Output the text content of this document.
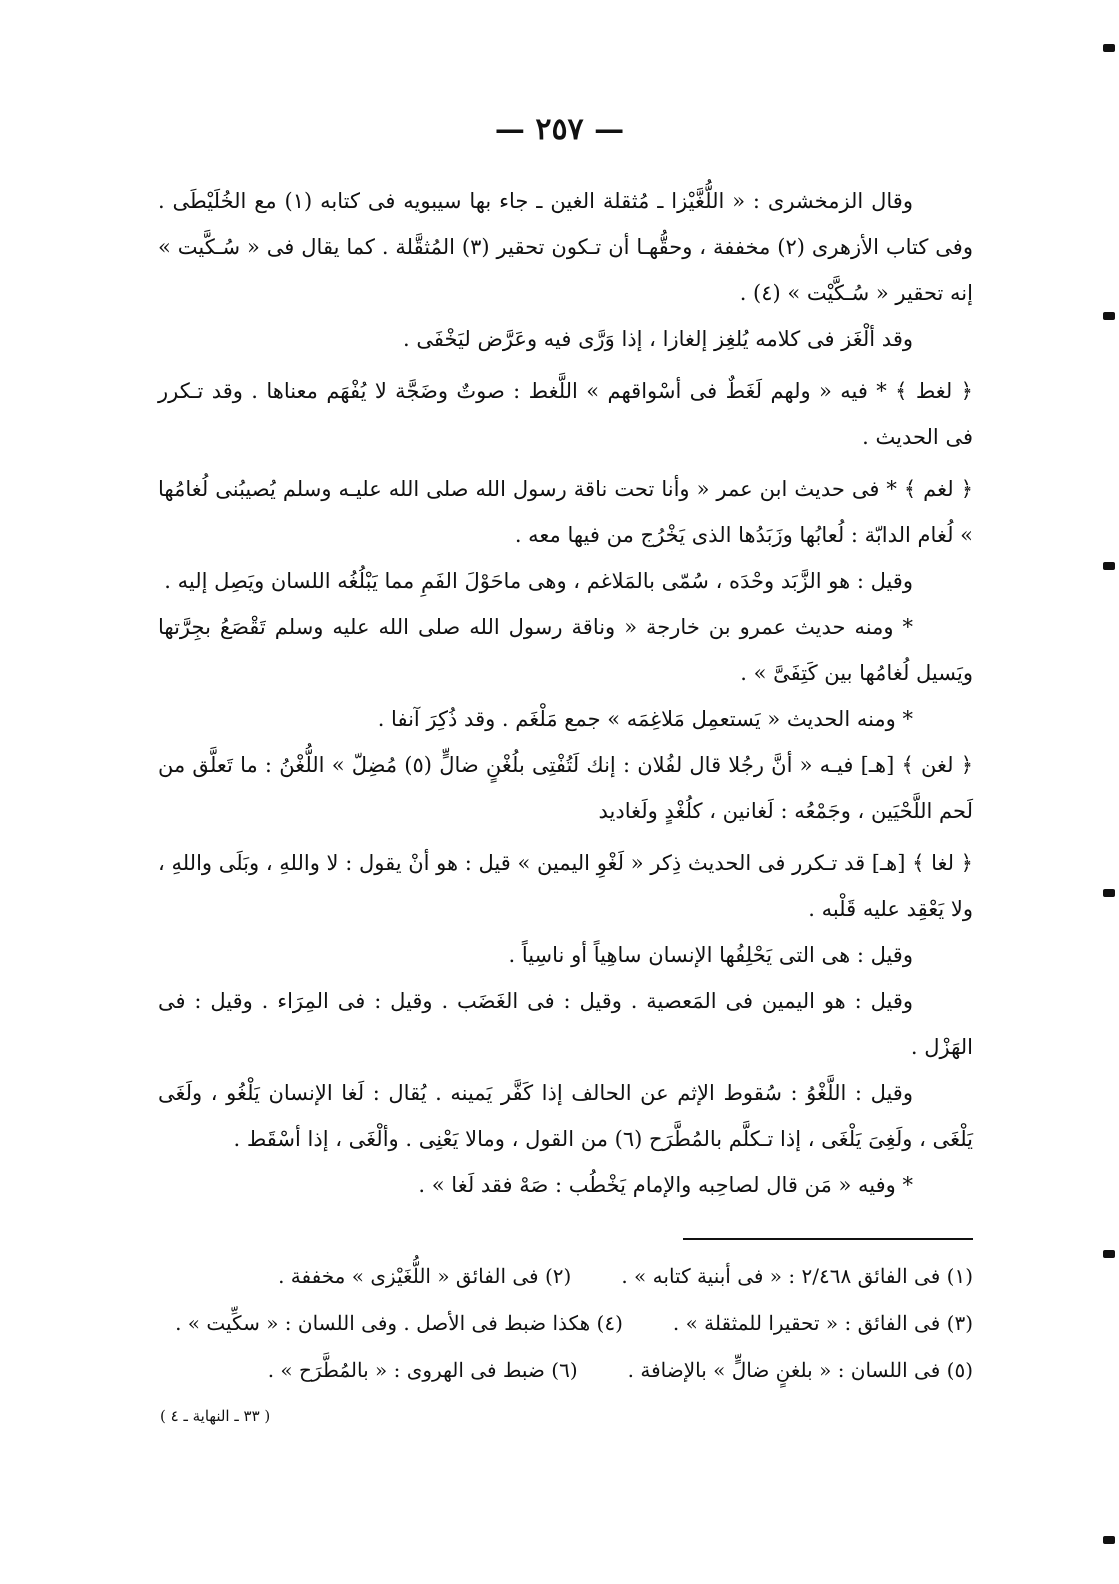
— ٢٥٧ —

وقال الزمخشرى : « اللُّغَّيْزا ـ مُثقلة الغين ـ جاء بها سيبويه فى كتابه (١) مع الخُلَيْطَى . وفى كتاب الأزهرى (٢) مخففة ، وحقُّهـا أن تـكون تحقير (٣) المُثقَّلة . كما يقال فى « سُـكَّيت » إنه تحقير « سُـكَّيْت » (٤) .

وقد ألْغَز فى كلامه يُلغِز إلغازا ، إذا وَرَّى فيه وعَرَّض ليَخْفَى .

﴿ لغط ﴾ * فيه « ولهم لَغَطٌ فى أسْواقهم » اللَّغط : صوتٌ وضَجَّة لا يُفْهَم معناها . وقد تـكرر فى الحديث .

﴿ لغم ﴾ * فى حديث ابن عمر « وأنا تحت ناقة رسول الله صلى الله عليـه وسلم يُصيبُنى لُغامُها » لُغام الدابّة : لُعابُها وزَبَدُها الذى يَخْرُج من فيها معه .

وقيل : هو الزَّبَد وحْدَه ، سُمّى بالمَلاغم ، وهى ماحَوْلَ الفَمِ مما يَبْلُغُه اللسان ويَصِل إليه .

* ومنه حديث عمرو بن خارجة « وناقة رسول الله صلى الله عليه وسلم تَقْصَعُ بجِرَّتها ويَسيل لُغامُها بين كَتِفَىَّ » .

* ومنه الحديث « يَستعمِل مَلاغِمَه » جمع مَلْغَم . وقد ذُكِرَ آنفا .

﴿ لغن ﴾ [هـ] فيـه « أنَّ رجُلا قال لفُلان : إنك لَتُفْتِى بلُغْنٍ ضالٍّ (٥) مُضِلّ » اللُّغْنُ : ما تَعلَّق من لَحم اللَّحْيَين ، وجَمْعُه : لَغانين ، كلُغْدٍ ولَغاديد

﴿ لغا ﴾ [هـ] قد تـكرر فى الحديث ذِكر « لَغْوِ اليمين » قيل : هو أنْ يقول : لا واللهِ ، وبَلَى واللهِ ، ولا يَعْقِد عليه قَلْبه .

وقيل : هى التى يَحْلِفُها الإنسان ساهِياً أو ناسِياً .

وقيل : هو اليمين فى المَعصية . وقيل : فى الغَضَب . وقيل : فى المِرَاء . وقيل : فى الهَزْل .

وقيل : اللَّغْوُ : سُقوط الإثم عن الحالف إذا كَفَّر يَمينه . يُقال : لَغا الإنسان يَلْغُو ، ولَغَى يَلْغَى ، ولَغِىَ يَلْغَى ، إذا تـكلَّم بالمُطَّرَح (٦) من القول ، ومالا يَعْنِى . وألْغَى ، إذا أسْقَط .

* وفيه « مَن قال لصاحِبه والإمام يَخْطُب : صَهْ فقد لَغا » .

(١) فى الفائق ٢/٤٦٨ : « فى أبنية كتابه » .
(٢) فى الفائق « اللُّغَيْزى » مخففة .
(٣) فى الفائق : « تحقيرا للمثقلة » .
(٤) هكذا ضبط فى الأصل . وفى اللسان : « سكِّيت » .
(٥) فى اللسان : « بلغنٍ ضالٍّ » بالإضافة .
(٦) ضبط فى الهروى : « بالمُطَّرَح » .
( ٣٣ ـ النهاية ـ ٤ )
